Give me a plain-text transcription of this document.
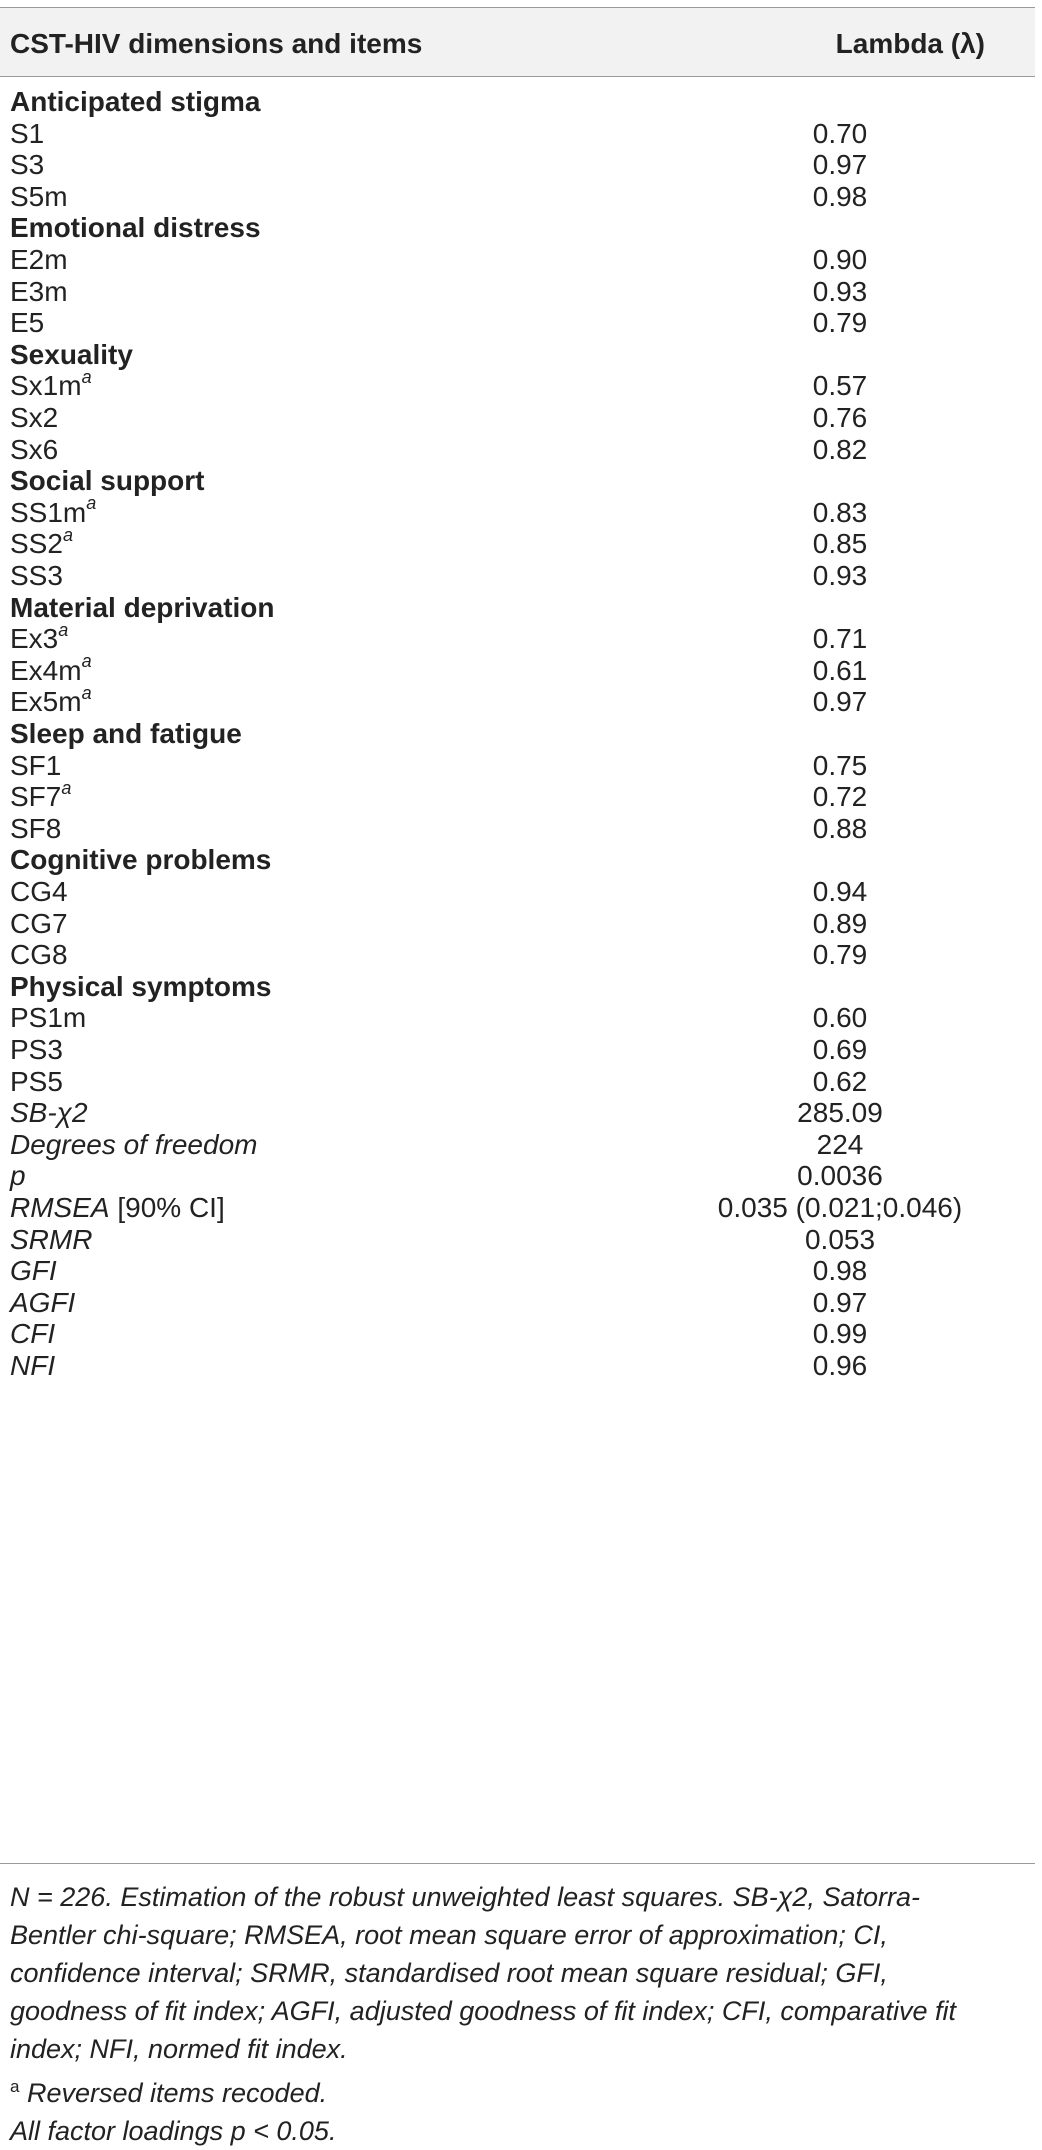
CST-HIV dimensions and items	Lambda (λ)
Anticipated stigma
S1	0.70
S3	0.97
S5m	0.98
Emotional distress
E2m	0.90
E3m	0.93
E5	0.79
Sexuality
$Sx1m^a$	0.57
Sx2	0.76
Sx6	0.82
Social support
$SS1m^a$	0.83
SS2$^a$	0.85
SS3	0.93
Material deprivation
Ex3$^a$	0.71
$Ex4m^a$	0.61
$Ex5m^a$	0.97
Sleep and fatigue
SF1	0.75
SF7$^a$	0.72
SF8	0.88
Cognitive problems
CG4	0.94
CG7	0.89
CG8	0.79
Physical symptoms
PS1m	0.60
PS3	0.69
PS5	0.62
SB-χ2	285.09
Degrees of freedom	224
p	0.0036
RMSEA [90% CI]	0.035 (0.021;0.046)
SRMR	0.053
GFI	0.98
AGFI	0.97
CFI	0.99
NFI	0.96
N = 226. Estimation of the robust unweighted least squares. SB-χ2, Satorra-
Bentler chi-square; RMSEA, root mean square error of approximation; CI,
confidence interval; SRMR, standardised root mean square residual; GFI,
goodness of fit index; AGFI, adjusted goodness of fit index; CFI, comparative fit
index; NFI, normed fit index.
$^a$ Reversed items recoded.
All factor loadings p < 0.05.
